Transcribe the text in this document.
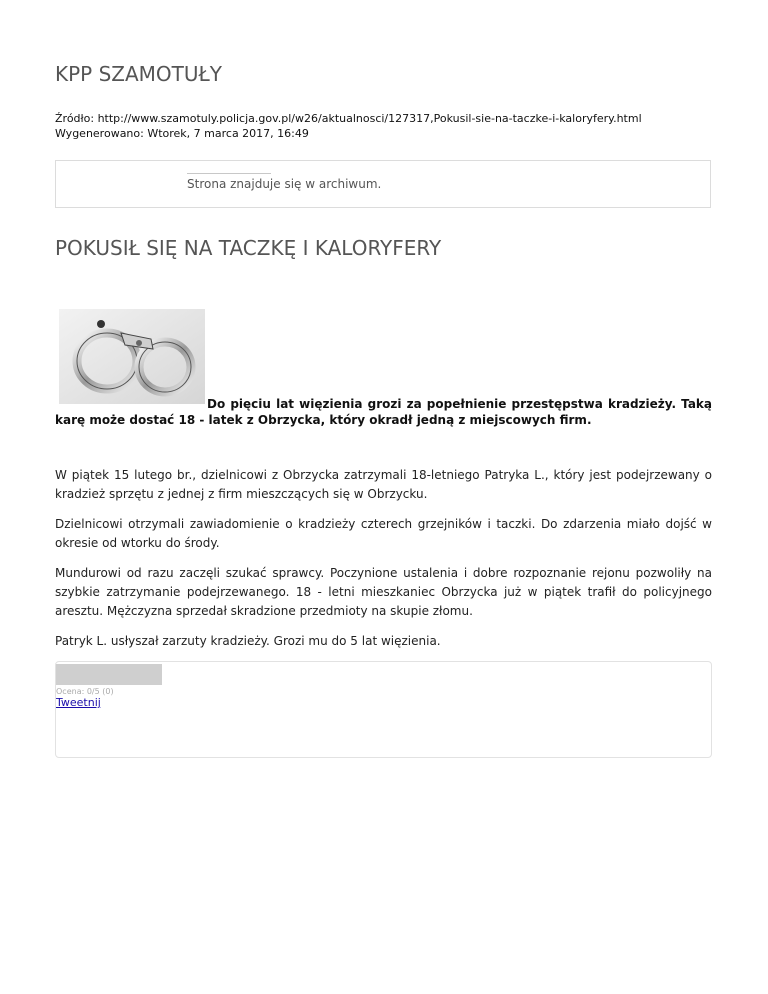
KPP SZAMOTUŁY
Źródło: http://www.szamotuly.policja.gov.pl/w26/aktualnosci/127317,Pokusil-sie-na-taczke-i-kaloryfery.html
Wygenerowano: Wtorek, 7 marca 2017, 16:49
Strona znajduje się w archiwum.
POKUSIŁ SIĘ NA TACZKĘ I KALORYFERY

Do pięciu lat więzienia grozi za popełnienie przestępstwa kradzieży. Taką karę może dostać 18 - latek z Obrzycka, który okradł jedną z miejscowych firm.

W piątek 15 lutego br., dzielnicowi z Obrzycka zatrzymali 18-letniego Patryka L., który jest podejrzewany o kradzież sprzętu z jednej z firm mieszczących się w Obrzycku.

Dzielnicowi otrzymali zawiadomienie o kradzieży czterech grzejników i taczki. Do zdarzenia miało dojść w okresie od wtorku do środy.

Mundurowi od razu zaczęli szukać sprawcy. Poczynione ustalenia i dobre rozpoznanie rejonu pozwoliły na szybkie zatrzymanie podejrzewanego. 18 - letni mieszkaniec Obrzycka już w piątek trafił do policyjnego aresztu. Mężczyzna sprzedał skradzione przedmioty na skupie złomu.

Patryk L. usłyszał zarzuty kradzieży. Grozi mu do 5 lat więzienia.

Ocena: 0/5 (0)
Tweetnij
